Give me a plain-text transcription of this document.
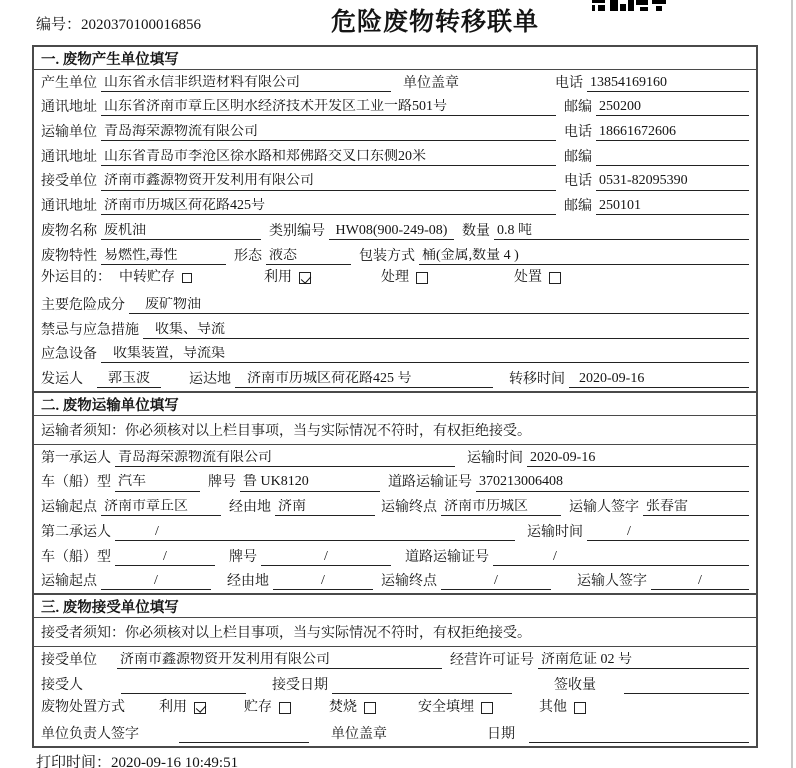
编号：2020370100016856	危险废物转移联单
一. 废物产生单位填写
产生单位 山东省永信非织造材料有限公司	单位盖章	电话 13854169160
通讯地址 山东省济南市章丘区明水经济技术开发区工业一路501号	邮编 250200
运输单位 青岛海荣源物流有限公司	电话 18661672606
通讯地址 山东省青岛市李沧区徐水路和郑佛路交叉口东侧20米	邮编
接受单位 济南市鑫源物资开发利用有限公司	电话 0531-82095390
通讯地址 济南市历城区荷花路425号	邮编 250101
废物名称 废机油	类别编号 HW08(900-249-08)	数量 0.8 吨
废物特性 易燃性,毒性	形态 液态	包装方式 桶(金属,数量 4 )
外运目的： 中转贮存	利用	处理	处置
主要危险成分	废矿物油
禁忌与应急措施	收集、导流
应急设备	收集装置，导流渠
发运人	郭玉波	运达地	济南市历城区荷花路425 号	转移时间	2020-09-16
二. 废物运输单位填写
运输者须知：你必须核对以上栏目事项，当与实际情况不符时，有权拒绝接受。
第一承运人 青岛海荣源物流有限公司	运输时间 2020-09-16
车（船）型 汽车	牌号 鲁 UK8120	道路运输证号 370213006408
运输起点 济南市章丘区	经由地 济南	运输终点 济南市历城区	运输人签字 张春雷
第二承运人	/	运输时间	/
车（船）型	/	牌号	/	道路运输证号	/
运输起点	/	经由地	/	运输终点	/	运输人签字	/
三. 废物接受单位填写
接受者须知：你必须核对以上栏目事项，当与实际情况不符时，有权拒绝接受。
接受单位 济南市鑫源物资开发利用有限公司	经营许可证号 济南危证 02 号
接受人	接受日期	签收量
废物处置方式 利用	贮存	焚烧	安全填埋	其他
单位负责人签字	单位盖章	日期
打印时间：2020-09-16 10:49:51
